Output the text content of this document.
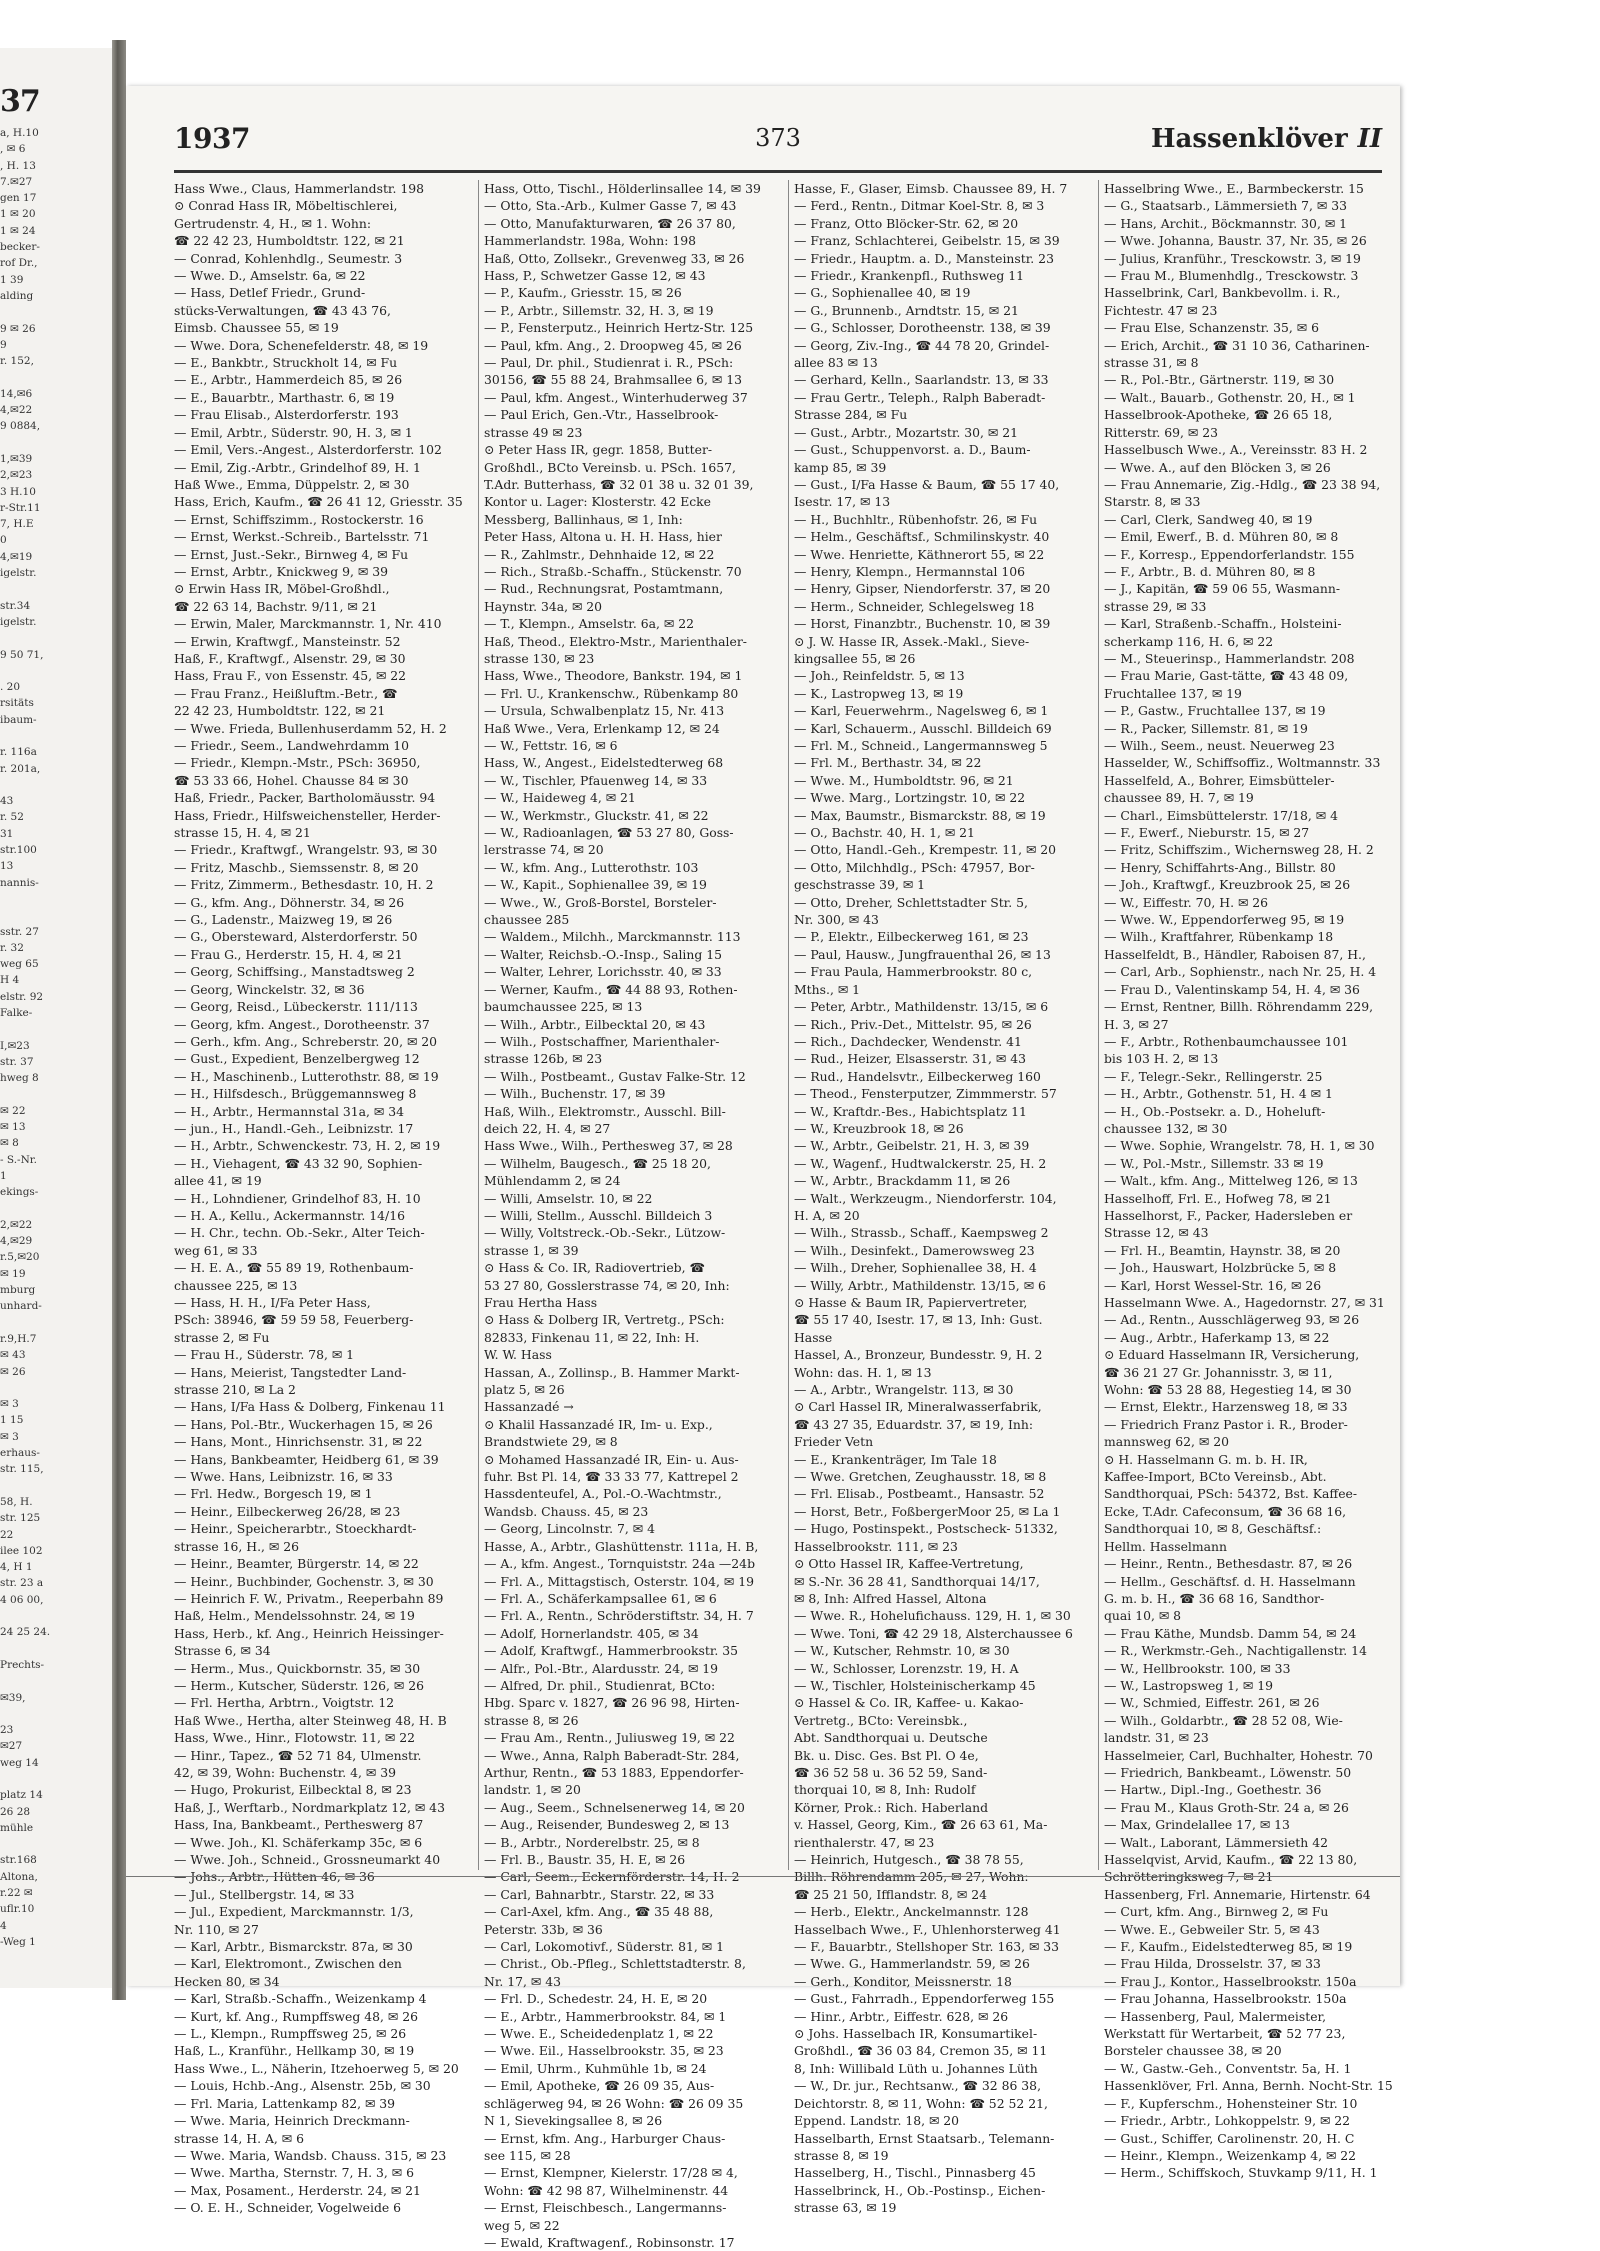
37
a, H.10
, ✉ 6
, H. 13
7.✉27
gen 17
1 ✉ 20
1 ✉ 24
becker-
rof Dr.,
1 39
alding

9 ✉ 26
9
r. 152,

14,✉6
4,✉22
9 0884,

1,✉39
2,✉23
3 H.10
r-Str.11
7, H.E
0
4,✉19
igelstr.

str.34
igelstr.

9 50 71,

. 20
rsitäts
ibaum-

r. 116a
r. 201a,

43
r. 52
31
str.100
13
nannis-

sstr. 27
r. 32
weg 65
H 4
elstr. 92
Falke-

I,✉23
str. 37
hweg 8

✉ 22
✉ 13
✉ 8
- S.-Nr.
1
ekings-

2,✉22
4,✉29
r.5,✉20
✉ 19
mburg
unhard-

r.9,H.7
✉ 43
✉ 26

✉ 3
1 15
✉ 3
erhaus-
str. 115,

58, H.
str. 125
22
ilee 102
4, H 1
str. 23 a
4 06 00,

24 25 24.

Prechts-

✉39,

23
✉27
weg 14

platz 14
26 28
mühle

str.168
Altona,
r.22 ✉
uflr.10
4
-Weg 1
1937	373	Hassenklöver II
Hass Wwe., Claus, Hammerlandstr. 198
⊙ Conrad Hass IR, Möbeltischlerei,
Gertrudenstr. 4, H., ✉ 1. Wohn:
☎ 22 42 23, Humboldtstr. 122, ✉ 21
— Conrad, Kohlenhdlg., Seumestr. 3
— Wwe. D., Amselstr. 6a, ✉ 22
— Hass, Detlef Friedr., Grund-
stücks-Verwaltungen, ☎ 43 43 76,
Eimsb. Chaussee 55, ✉ 19
— Wwe. Dora, Schenefelderstr. 48, ✉ 19
— E., Bankbtr., Struckholt 14, ✉ Fu
— E., Arbtr., Hammerdeich 85, ✉ 26
— E., Bauarbtr., Marthastr. 6, ✉ 19
— Frau Elisab., Alsterdorferstr. 193
— Emil, Arbtr., Süderstr. 90, H. 3, ✉ 1
— Emil, Vers.-Angest., Alsterdorferstr. 102
— Emil, Zig.-Arbtr., Grindelhof 89, H. 1
Haß Wwe., Emma, Düppelstr. 2, ✉ 30
Hass, Erich, Kaufm., ☎ 26 41 12, Griesstr. 35
— Ernst, Schiffszimm., Rostockerstr. 16
— Ernst, Werkst.-Schreib., Bartelsstr. 71
— Ernst, Just.-Sekr., Birnweg 4, ✉ Fu
— Ernst, Arbtr., Knickweg 9, ✉ 39
⊙ Erwin Hass IR, Möbel-Großhdl.,
☎ 22 63 14, Bachstr. 9/11, ✉ 21
— Erwin, Maler, Marckmannstr. 1, Nr. 410
— Erwin, Kraftwgf., Mansteinstr. 52
Haß, F., Kraftwgf., Alsenstr. 29, ✉ 30
Hass, Frau F., von Essenstr. 45, ✉ 22
— Frau Franz., Heißluftm.-Betr., ☎
22 42 23, Humboldtstr. 122, ✉ 21
— Wwe. Frieda, Bullenhuserdamm 52, H. 2
— Friedr., Seem., Landwehrdamm 10
— Friedr., Klempn.-Mstr., PSch: 36950,
☎ 53 33 66, Hohel. Chausse 84 ✉ 30
Haß, Friedr., Packer, Bartholomäusstr. 94
Hass, Friedr., Hilfsweichensteller, Herder-
strasse 15, H. 4, ✉ 21
— Friedr., Kraftwgf., Wrangelstr. 93, ✉ 30
— Fritz, Maschb., Siemssenstr. 8, ✉ 20
— Fritz, Zimmerm., Bethesdastr. 10, H. 2
— G., kfm. Ang., Döhnerstr. 34, ✉ 26
— G., Ladenstr., Maizweg 19, ✉ 26
— G., Obersteward, Alsterdorferstr. 50
— Frau G., Herderstr. 15, H. 4, ✉ 21
— Georg, Schiffsing., Manstadtsweg 2
— Georg, Winckelstr. 32, ✉ 36
— Georg, Reisd., Lübeckerstr. 111/113
— Georg, kfm. Angest., Dorotheenstr. 37
— Gerh., kfm. Ang., Schreberstr. 20, ✉ 20
— Gust., Expedient, Benzelbergweg 12
— H., Maschinenb., Lutterothstr. 88, ✉ 19
— H., Hilfsdesch., Brüggemannsweg 8
— H., Arbtr., Hermannstal 31a, ✉ 34
— jun., H., Handl.-Geh., Leibnizstr. 17
— H., Arbtr., Schwenckestr. 73, H. 2, ✉ 19
— H., Viehagent, ☎ 43 32 90, Sophien-
allee 41, ✉ 19
— H., Lohndiener, Grindelhof 83, H. 10
— H. A., Kellu., Ackermannstr. 14/16
— H. Chr., techn. Ob.-Sekr., Alter Teich-
weg 61, ✉ 33
— H. E. A., ☎ 55 89 19, Rothenbaum-
chaussee 225, ✉ 13
— Hass, H. H., I/Fa Peter Hass,
PSch: 38946, ☎ 59 59 58, Feuerberg-
strasse 2, ✉ Fu
— Frau H., Süderstr. 78, ✉ 1
— Hans, Meierist, Tangstedter Land-
strasse 210, ✉ La 2
— Hans, I/Fa Hass & Dolberg, Finkenau 11
— Hans, Pol.-Btr., Wuckerhagen 15, ✉ 26
— Hans, Mont., Hinrichsenstr. 31, ✉ 22
— Hans, Bankbeamter, Heidberg 61, ✉ 39
— Wwe. Hans, Leibnizstr. 16, ✉ 33
— Frl. Hedw., Borgesch 19, ✉ 1
— Heinr., Eilbeckerweg 26/28, ✉ 23
— Heinr., Speicherarbtr., Stoeckhardt-
strasse 16, H., ✉ 26
— Heinr., Beamter, Bürgerstr. 14, ✉ 22
— Heinr., Buchbinder, Gochenstr. 3, ✉ 30
— Heinrich F. W., Privatm., Reeperbahn 89
Haß, Helm., Mendelssohnstr. 24, ✉ 19
Hass, Herb., kf. Ang., Heinrich Heissinger-
Strasse 6, ✉ 34
— Herm., Mus., Quickbornstr. 35, ✉ 30
— Herm., Kutscher, Süderstr. 126, ✉ 26
— Frl. Hertha, Arbtrn., Voigtstr. 12
Haß Wwe., Hertha, alter Steinweg 48, H. B
Hass, Wwe., Hinr., Flotowstr. 11, ✉ 22
— Hinr., Tapez., ☎ 52 71 84, Ulmenstr.
42, ✉ 39, Wohn: Buchenstr. 4, ✉ 39
— Hugo, Prokurist, Eilbecktal 8, ✉ 23
Haß, J., Werftarb., Nordmarkplatz 12, ✉ 43
Hass, Ina, Bankbeamt., Pertheswerg 87
— Wwe. Joh., Kl. Schäferkamp 35c, ✉ 6
— Wwe. Joh., Schneid., Grossneumarkt 40
— Johs., Arbtr., Hütten 46, ✉ 36
— Jul., Stellbergstr. 14, ✉ 33
— Jul., Expedient, Marckmannstr. 1/3,
Nr. 110, ✉ 27
— Karl, Arbtr., Bismarckstr. 87a, ✉ 30
— Karl, Elektromont., Zwischen den
Hecken 80, ✉ 34
— Karl, Straßb.-Schaffn., Weizenkamp 4
— Kurt, kf. Ang., Rumpffsweg 48, ✉ 26
— L., Klempn., Rumpffsweg 25, ✉ 26
Haß, L., Kranführ., Hellkamp 30, ✉ 19
Hass Wwe., L., Näherin, Itzehoerweg 5, ✉ 20
— Louis, Hchb.-Ang., Alsenstr. 25b, ✉ 30
— Frl. Maria, Lattenkamp 82, ✉ 39
— Wwe. Maria, Heinrich Dreckmann-
strasse 14, H. A, ✉ 6
— Wwe. Maria, Wandsb. Chauss. 315, ✉ 23
— Wwe. Martha, Sternstr. 7, H. 3, ✉ 6
— Max, Posament., Herderstr. 24, ✉ 21
— O. E. H., Schneider, Vogelweide 6
Hass, Otto, Tischl., Hölderlinsallee 14, ✉ 39
— Otto, Sta.-Arb., Kulmer Gasse 7, ✉ 43
— Otto, Manufakturwaren, ☎ 26 37 80,
Hammerlandstr. 198a, Wohn: 198
Haß, Otto, Zollsekr., Grevenweg 33, ✉ 26
Hass, P., Schwetzer Gasse 12, ✉ 43
— P., Kaufm., Griesstr. 15, ✉ 26
— P., Arbtr., Sillemstr. 32, H. 3, ✉ 19
— P., Fensterputz., Heinrich Hertz-Str. 125
— Paul, kfm. Ang., 2. Droopweg 45, ✉ 26
— Paul, Dr. phil., Studienrat i. R., PSch:
30156, ☎ 55 88 24, Brahmsallee 6, ✉ 13
— Paul, kfm. Angest., Winterhuderweg 37
— Paul Erich, Gen.-Vtr., Hasselbrook-
strasse 49 ✉ 23
⊙ Peter Hass IR, gegr. 1858, Butter-
Großhdl., BCto Vereinsb. u. PSch. 1657,
T.Adr. Butterhass, ☎ 32 01 38 u. 32 01 39,
Kontor u. Lager: Klosterstr. 42 Ecke
Messberg, Ballinhaus, ✉ 1, Inh:
Peter Hass, Altona u. H. H. Hass, hier
— R., Zahlmstr., Dehnhaide 12, ✉ 22
— Rich., Straßb.-Schaffn., Stückenstr. 70
— Rud., Rechnungsrat, Postamtmann,
Haynstr. 34a, ✉ 20
— T., Klempn., Amselstr. 6a, ✉ 22
Haß, Theod., Elektro-Mstr., Marienthaler-
strasse 130, ✉ 23
Hass, Wwe., Theodore, Bankstr. 194, ✉ 1
— Frl. U., Krankenschw., Rübenkamp 80
— Ursula, Schwalbenplatz 15, Nr. 413
Haß Wwe., Vera, Erlenkamp 12, ✉ 24
— W., Fettstr. 16, ✉ 6
Hass, W., Angest., Eidelstedterweg 68
— W., Tischler, Pfauenweg 14, ✉ 33
— W., Haideweg 4, ✉ 21
— W., Werkmstr., Gluckstr. 41, ✉ 22
— W., Radioanlagen, ☎ 53 27 80, Goss-
lerstrasse 74, ✉ 20
— W., kfm. Ang., Lutterothstr. 103
— W., Kapit., Sophienallee 39, ✉ 19
— Wwe., W., Groß-Borstel, Borsteler-
chaussee 285
— Waldem., Milchh., Marckmannstr. 113
— Walter, Reichsb.-O.-Insp., Saling 15
— Walter, Lehrer, Lorichsstr. 40, ✉ 33
— Werner, Kaufm., ☎ 44 88 93, Rothen-
baumchaussee 225, ✉ 13
— Wilh., Arbtr., Eilbecktal 20, ✉ 43
— Wilh., Postschaffner, Marienthaler-
strasse 126b, ✉ 23
— Wilh., Postbeamt., Gustav Falke-Str. 12
— Wilh., Buchenstr. 17, ✉ 39
Haß, Wilh., Elektromstr., Ausschl. Bill-
deich 22, H. 4, ✉ 27
Hass Wwe., Wilh., Perthesweg 37, ✉ 28
— Wilhelm, Baugesch., ☎ 25 18 20,
Mühlendamm 2, ✉ 24
— Willi, Amselstr. 10, ✉ 22
— Willi, Stellm., Ausschl. Billdeich 3
— Willy, Voltstreck.-Ob.-Sekr., Lützow-
strasse 1, ✉ 39
⊙ Hass & Co. IR, Radiovertrieb, ☎
53 27 80, Gosslerstrasse 74, ✉ 20, Inh:
Frau Hertha Hass
⊙ Hass & Dolberg IR, Vertretg., PSch:
82833, Finkenau 11, ✉ 22, Inh: H.
W. W. Hass
Hassan, A., Zollinsp., B. Hammer Markt-
platz 5, ✉ 26
Hassanzadé →
⊙ Khalil Hassanzadé IR, Im- u. Exp.,
Brandstwiete 29, ✉ 8
⊙ Mohamed Hassanzadé IR, Ein- u. Aus-
fuhr. Bst Pl. 14, ☎ 33 33 77, Kattrepel 2
Hassdenteufel, A., Pol.-O.-Wachtmstr.,
Wandsb. Chauss. 45, ✉ 23
— Georg, Lincolnstr. 7, ✉ 4
Hasse, A., Arbtr., Glashüttenstr. 111a, H. B,
— A., kfm. Angest., Tornquiststr. 24a —24b
— Frl. A., Mittagstisch, Osterstr. 104, ✉ 19
— Frl. A., Schäferkampsallee 61, ✉ 6
— Frl. A., Rentn., Schröderstiftstr. 34, H. 7
— Adolf, Hornerlandstr. 405, ✉ 34
— Adolf, Kraftwgf., Hammerbrookstr. 35
— Alfr., Pol.-Btr., Alardusstr. 24, ✉ 19
— Alfred, Dr. phil., Studienrat, BCto:
Hbg. Sparc v. 1827, ☎ 26 96 98, Hirten-
strasse 8, ✉ 26
— Frau Am., Rentn., Juliusweg 19, ✉ 22
— Wwe., Anna, Ralph Baberadt-Str. 284,
Arthur, Rentn., ☎ 53 1883, Eppendorfer-
landstr. 1, ✉ 20
— Aug., Seem., Schnelsenerweg 14, ✉ 20
— Aug., Reisender, Bundesweg 2, ✉ 13
— B., Arbtr., Norderelbstr. 25, ✉ 8
— Frl. B., Baustr. 35, H. E, ✉ 26
— Carl, Seem., Eckernförderstr. 14, H. 2
— Carl, Bahnarbtr., Starstr. 22, ✉ 33
— Carl-Axel, kfm. Ang., ☎ 35 48 88,
Peterstr. 33b, ✉ 36
— Carl, Lokomotivf., Süderstr. 81, ✉ 1
— Christ., Ob.-Pfleg., Schlettstadterstr. 8,
Nr. 17, ✉ 43
— Frl. D., Schedestr. 24, H. E, ✉ 20
— E., Arbtr., Hammerbrookstr. 84, ✉ 1
— Wwe. E., Scheidedenplatz 1, ✉ 22
— Wwe. Eil., Hasselbrookstr. 35, ✉ 23
— Emil, Uhrm., Kuhmühle 1b, ✉ 24
— Emil, Apotheke, ☎ 26 09 35, Aus-
schlägerweg 94, ✉ 26 Wohn: ☎ 26 09 35
N 1, Sievekingsallee 8, ✉ 26
— Ernst, kfm. Ang., Harburger Chaus-
see 115, ✉ 28
— Ernst, Klempner, Kielerstr. 17/28 ✉ 4,
Wohn: ☎ 42 98 87, Wilhelminenstr. 44
— Ernst, Fleischbesch., Langermanns-
weg 5, ✉ 22
— Ewald, Kraftwagenf., Robinsonstr. 17
Hasse, F., Glaser, Eimsb. Chaussee 89, H. 7
— Ferd., Rentn., Ditmar Koel-Str. 8, ✉ 3
— Franz, Otto Blöcker-Str. 62, ✉ 20
— Franz, Schlachterei, Geibelstr. 15, ✉ 39
— Friedr., Hauptm. a. D., Mansteinstr. 23
— Friedr., Krankenpfl., Ruthsweg 11
— G., Sophienallee 40, ✉ 19
— G., Brunnenb., Arndtstr. 15, ✉ 21
— G., Schlosser, Dorotheenstr. 138, ✉ 39
— Georg, Ziv.-Ing., ☎ 44 78 20, Grindel-
allee 83 ✉ 13
— Gerhard, Kelln., Saarlandstr. 13, ✉ 33
— Frau Gertr., Teleph., Ralph Baberadt-
Strasse 284, ✉ Fu
— Gust., Arbtr., Mozartstr. 30, ✉ 21
— Gust., Schuppenvorst. a. D., Baum-
kamp 85, ✉ 39
— Gust., I/Fa Hasse & Baum, ☎ 55 17 40,
Isestr. 17, ✉ 13
— H., Buchhltr., Rübenhofstr. 26, ✉ Fu
— Helm., Geschäftsf., Schmilinskystr. 40
— Wwe. Henriette, Käthnerort 55, ✉ 22
— Henry, Klempn., Hermannstal 106
— Henry, Gipser, Niendorferstr. 37, ✉ 20
— Herm., Schneider, Schlegelsweg 18
— Horst, Finanzbtr., Buchenstr. 10, ✉ 39
⊙ J. W. Hasse IR, Assek.-Makl., Sieve-
kingsallee 55, ✉ 26
— Joh., Reinfeldstr. 5, ✉ 13
— K., Lastropweg 13, ✉ 19
— Karl, Feuerwehrm., Nagelsweg 6, ✉ 1
— Karl, Schauerm., Ausschl. Billdeich 69
— Frl. M., Schneid., Langermannsweg 5
— Frl. M., Berthastr. 34, ✉ 22
— Wwe. M., Humboldtstr. 96, ✉ 21
— Wwe. Marg., Lortzingstr. 10, ✉ 22
— Max, Baumstr., Bismarckstr. 88, ✉ 19
— O., Bachstr. 40, H. 1, ✉ 21
— Otto, Handl.-Geh., Krempestr. 11, ✉ 20
— Otto, Milchhdlg., PSch: 47957, Bor-
geschstrasse 39, ✉ 1
— Otto, Dreher, Schlettstadter Str. 5,
Nr. 300, ✉ 43
— P., Elektr., Eilbeckerweg 161, ✉ 23
— Paul, Hausw., Jungfrauenthal 26, ✉ 13
— Frau Paula, Hammerbrookstr. 80 c,
Mths., ✉ 1
— Peter, Arbtr., Mathildenstr. 13/15, ✉ 6
— Rich., Priv.-Det., Mittelstr. 95, ✉ 26
— Rich., Dachdecker, Wendenstr. 41
— Rud., Heizer, Elsasserstr. 31, ✉ 43
— Rud., Handelsvtr., Eilbeckerweg 160
— Theod., Fensterputzer, Zimmmerstr. 57
— W., Kraftdr.-Bes., Habichtsplatz 11
— W., Kreuzbrook 18, ✉ 26
— W., Arbtr., Geibelstr. 21, H. 3, ✉ 39
— W., Wagenf., Hudtwalckerstr. 25, H. 2
— W., Arbtr., Brackdamm 11, ✉ 26
— Walt., Werkzeugm., Niendorferstr. 104,
H. A, ✉ 20
— Wilh., Strassb., Schaff., Kaempsweg 2
— Wilh., Desinfekt., Damerowsweg 23
— Wilh., Dreher, Sophienallee 38, H. 4
— Willy, Arbtr., Mathildenstr. 13/15, ✉ 6
⊙ Hasse & Baum IR, Papiervertreter,
☎ 55 17 40, Isestr. 17, ✉ 13, Inh: Gust.
Hasse
Hassel, A., Bronzeur, Bundesstr. 9, H. 2
Wohn: das. H. 1, ✉ 13
— A., Arbtr., Wrangelstr. 113, ✉ 30
⊙ Carl Hassel IR, Mineralwasserfabrik,
☎ 43 27 35, Eduardstr. 37, ✉ 19, Inh:
Frieder Vetn
— E., Krankenträger, Im Tale 18
— Wwe. Gretchen, Zeughausstr. 18, ✉ 8
— Frl. Elisab., Postbeamt., Hansastr. 52
— Horst, Betr., FoßbergerMoor 25, ✉ La 1
— Hugo, Postinspekt., Postscheck- 51332,
Hasselbrookstr. 111, ✉ 23
⊙ Otto Hassel IR, Kaffee-Vertretung,
✉ S.-Nr. 36 28 41, Sandthorquai 14/17,
✉ 8, Inh: Alfred Hassel, Altona
— Wwe. R., Hohelufichauss. 129, H. 1, ✉ 30
— Wwe. Toni, ☎ 42 29 18, Alsterchaussee 6
— W., Kutscher, Rehmstr. 10, ✉ 30
— W., Schlosser, Lorenzstr. 19, H. A
— W., Tischler, Holsteinischerkamp 45
⊙ Hassel & Co. IR, Kaffee- u. Kakao-
Vertretg., BCto: Vereinsbk.,
Abt. Sandthorquai u. Deutsche
Bk. u. Disc. Ges. Bst Pl. O 4e,
☎ 36 52 58 u. 36 52 59, Sand-
thorquai 10, ✉ 8, Inh: Rudolf
Körner, Prok.: Rich. Haberland
v. Hassel, Georg, Kim., ☎ 26 63 61, Ma-
rienthalerstr. 47, ✉ 23
— Heinrich, Hutgesch., ☎ 38 78 55,
Billh. Röhrendamm 205, ✉ 27, Wohn:
☎ 25 21 50, Ifflandstr. 8, ✉ 24
— Herb., Elektr., Anckelmannstr. 128
Hasselbach Wwe., F., Uhlenhorsterweg 41
— F., Bauarbtr., Stellshoper Str. 163, ✉ 33
— Wwe. G., Hammerlandstr. 59, ✉ 26
— Gerh., Konditor, Meissnerstr. 18
— Gust., Fahrradh., Eppendorferweg 155
— Hinr., Arbtr., Eiffestr. 628, ✉ 26
⊙ Johs. Hasselbach IR, Konsumartikel-
Großhdl., ☎ 36 03 84, Cremon 35, ✉ 11
8, Inh: Willibald Lüth u. Johannes Lüth
— W., Dr. jur., Rechtsanw., ☎ 32 86 38,
Deichtorstr. 8, ✉ 11, Wohn: ☎ 52 52 21,
Eppend. Landstr. 18, ✉ 20
Hasselbarth, Ernst Staatsarb., Telemann-
strasse 8, ✉ 19
Hasselberg, H., Tischl., Pinnasberg 45
Hasselbrinck, H., Ob.-Postinsp., Eichen-
strasse 63, ✉ 19
Hasselbring Wwe., E., Barmbeckerstr. 15
— G., Staatsarb., Lämmersieth 7, ✉ 33
— Hans, Archit., Böckmannstr. 30, ✉ 1
— Wwe. Johanna, Baustr. 37, Nr. 35, ✉ 26
— Julius, Kranführ., Tresckowstr. 3, ✉ 19
— Frau M., Blumenhdlg., Tresckowstr. 3
Hasselbrink, Carl, Bankbevollm. i. R.,
Fichtestr. 47 ✉ 23
— Frau Else, Schanzenstr. 35, ✉ 6
— Erich, Archit., ☎ 31 10 36, Catharinen-
strasse 31, ✉ 8
— R., Pol.-Btr., Gärtnerstr. 119, ✉ 30
— Walt., Bauarb., Gothenstr. 20, H., ✉ 1
Hasselbrook-Apotheke, ☎ 26 65 18,
Ritterstr. 69, ✉ 23
Hasselbusch Wwe., A., Vereinsstr. 83 H. 2
— Wwe. A., auf den Blöcken 3, ✉ 26
— Frau Annemarie, Zig.-Hdlg., ☎ 23 38 94,
Starstr. 8, ✉ 33
— Carl, Clerk, Sandweg 40, ✉ 19
— Emil, Ewerf., B. d. Mühren 80, ✉ 8
— F., Korresp., Eppendorferlandstr. 155
— F., Arbtr., B. d. Mühren 80, ✉ 8
— J., Kapitän, ☎ 59 06 55, Wasmann-
strasse 29, ✉ 33
— Karl, Straßenb.-Schaffn., Holsteini-
scherkamp 116, H. 6, ✉ 22
— M., Steuerinsp., Hammerlandstr. 208
— Frau Marie, Gast-tätte, ☎ 43 48 09,
Fruchtallee 137, ✉ 19
— P., Gastw., Fruchtallee 137, ✉ 19
— R., Packer, Sillemstr. 81, ✉ 19
— Wilh., Seem., neust. Neuerweg 23
Hasselder, W., Schiffsoffiz., Woltmannstr. 33
Hasselfeld, A., Bohrer, Eimsbütteler-
chaussee 89, H. 7, ✉ 19
— Charl., Eimsbüttelerstr. 17/18, ✉ 4
— F., Ewerf., Nieburstr. 15, ✉ 27
— Fritz, Schiffszim., Wichernsweg 28, H. 2
— Henry, Schiffahrts-Ang., Billstr. 80
— Joh., Kraftwgf., Kreuzbrook 25, ✉ 26
— W., Eiffestr. 70, H. ✉ 26
— Wwe. W., Eppendorferweg 95, ✉ 19
— Wilh., Kraftfahrer, Rübenkamp 18
Hasselfeldt, B., Händler, Raboisen 87, H.,
— Carl, Arb., Sophienstr., nach Nr. 25, H. 4
— Frau D., Valentinskamp 54, H. 4, ✉ 36
— Ernst, Rentner, Billh. Röhrendamm 229,
H. 3, ✉ 27
— F., Arbtr., Rothenbaumchaussee 101
bis 103 H. 2, ✉ 13
— F., Telegr.-Sekr., Rellingerstr. 25
— H., Arbtr., Gothenstr. 51, H. 4 ✉ 1
— H., Ob.-Postsekr. a. D., Hoheluft-
chaussee 132, ✉ 30
— Wwe. Sophie, Wrangelstr. 78, H. 1, ✉ 30
— W., Pol.-Mstr., Sillemstr. 33 ✉ 19
— Walt., kfm. Ang., Mittelweg 126, ✉ 13
Hasselhoff, Frl. E., Hofweg 78, ✉ 21
Hasselhorst, F., Packer, Hadersleben er
Strasse 12, ✉ 43
— Frl. H., Beamtin, Haynstr. 38, ✉ 20
— Joh., Hauswart, Holzbrücke 5, ✉ 8
— Karl, Horst Wessel-Str. 16, ✉ 26
Hasselmann Wwe. A., Hagedornstr. 27, ✉ 31
— Ad., Rentn., Ausschlägerweg 93, ✉ 26
— Aug., Arbtr., Haferkamp 13, ✉ 22
⊙ Eduard Hasselmann IR, Versicherung,
☎ 36 21 27 Gr. Johannisstr. 3, ✉ 11,
Wohn: ☎ 53 28 88, Hegestieg 14, ✉ 30
— Ernst, Elektr., Harzensweg 18, ✉ 33
— Friedrich Franz Pastor i. R., Broder-
mannsweg 62, ✉ 20
⊙ H. Hasselmann G. m. b. H. IR,
Kaffee-Import, BCto Vereinsb., Abt.
Sandthorquai, PSch: 54372, Bst. Kaffee-
Ecke, T.Adr. Cafeconsum, ☎ 36 68 16,
Sandthorquai 10, ✉ 8, Geschäftsf.:
Hellm. Hasselmann
— Heinr., Rentn., Bethesdastr. 87, ✉ 26
— Hellm., Geschäftsf. d. H. Hasselmann
G. m. b. H., ☎ 36 68 16, Sandthor-
quai 10, ✉ 8
— Frau Käthe, Mundsb. Damm 54, ✉ 24
— R., Werkmstr.-Geh., Nachtigallenstr. 14
— W., Hellbrookstr. 100, ✉ 33
— W., Lastropsweg 1, ✉ 19
— W., Schmied, Eiffestr. 261, ✉ 26
— Wilh., Goldarbtr., ☎ 28 52 08, Wie-
landstr. 31, ✉ 23
Hasselmeier, Carl, Buchhalter, Hohestr. 70
— Friedrich, Bankbeamt., Löwenstr. 50
— Hartw., Dipl.-Ing., Goethestr. 36
— Frau M., Klaus Groth-Str. 24 a, ✉ 26
— Max, Grindelallee 17, ✉ 13
— Walt., Laborant, Lämmersieth 42
Hasselqvist, Arvid, Kaufm., ☎ 22 13 80,
Schrötteringksweg 7, ✉ 21
Hassenberg, Frl. Annemarie, Hirtenstr. 64
— Curt, kfm. Ang., Birnweg 2, ✉ Fu
— Wwe. E., Gebweiler Str. 5, ✉ 43
— F., Kaufm., Eidelstedterweg 85, ✉ 19
— Frau Hilda, Drosselstr. 37, ✉ 33
— Frau J., Kontor., Hasselbrookstr. 150a
— Frau Johanna, Hasselbrookstr. 150a
— Hassenberg, Paul, Malermeister,
Werkstatt für Wertarbeit, ☎ 52 77 23,
Borsteler chaussee 38, ✉ 20
— W., Gastw.-Geh., Conventstr. 5a, H. 1
Hassenklöver, Frl. Anna, Bernh. Nocht-Str. 15
— F., Kupferschm., Hohensteiner Str. 10
— Friedr., Arbtr., Lohkoppelstr. 9, ✉ 22
— Gust., Schiffer, Carolinenstr. 20, H. C
— Heinr., Klempn., Weizenkamp 4, ✉ 22
— Herm., Schiffskoch, Stuvkamp 9/11, H. 1
